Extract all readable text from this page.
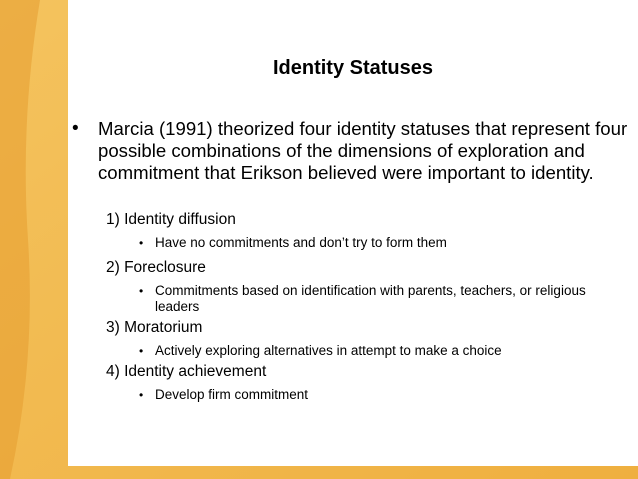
Identity Statuses
• Marcia (1991) theorized four identity statuses that represent four possible combinations of the dimensions of exploration and commitment that Erikson believed were important to identity.
1) Identity diffusion
• Have no commitments and don’t try to form them
2) Foreclosure
• Commitments based on identification with parents, teachers, or religious leaders
3) Moratorium
• Actively exploring alternatives in attempt to make a choice
4) Identity achievement
• Develop firm commitment
